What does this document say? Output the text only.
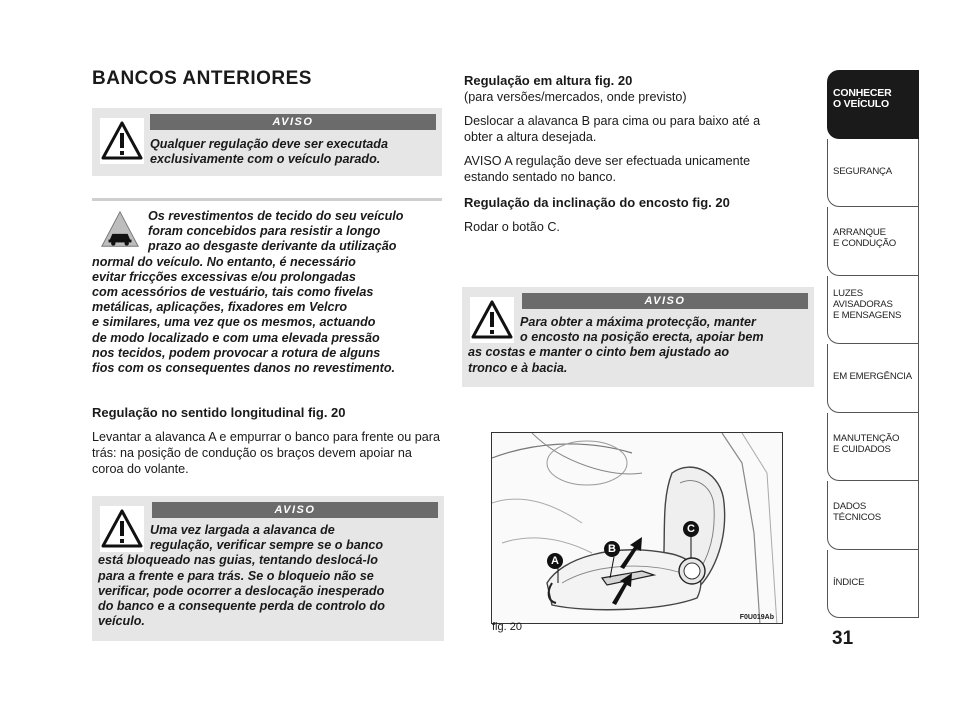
BANCOS ANTERIORES
AVISO
Qualquer regulação deve ser executada exclusivamente com o veículo parado.
Os revestimentos de tecido do seu veículo
foram concebidos para resistir a longo
prazo ao desgaste derivante da utilização
normal do veículo. No entanto, é necessário
evitar fricções excessivas e/ou prolongadas
com acessórios de vestuário, tais como fivelas
metálicas, aplicações, fixadores em Velcro
e similares, uma vez que os mesmos, actuando
de modo localizado e com uma elevada pressão
nos tecidos, podem provocar a rotura de alguns
fios com os consequentes danos no revestimento.
Regulação no sentido longitudinal fig. 20
Levantar a alavanca A e empurrar o banco para frente ou para trás: na posição de condução os braços devem apoiar na coroa do volante.
AVISO
Uma vez largada a alavanca de
regulação, verificar sempre se o banco
está bloqueado nas guias, tentando deslocá-lo
para a frente e para trás. Se o bloqueio não se
verificar, pode ocorrer a deslocação inesperado
do banco e a consequente perda de controlo do
veículo.
Regulação em altura fig. 20
(para versões/mercados, onde previsto)
Deslocar a alavanca B para cima ou para baixo até a obter a altura desejada.
AVISO A regulação deve ser efectuada unicamente estando sentado no banco.
Regulação da inclinação do encosto fig. 20
Rodar o botão C.
AVISO
Para obter a máxima protecção, manter
o encosto na posição erecta, apoiar bem
as costas e manter o cinto bem ajustado ao
tronco e à bacia.
A
B
C
F0U019Ab
fig. 20
CONHECER
O VEÍCULO
SEGURANÇA
ARRANQUE
E CONDUÇÃO
LUZES
AVISADORAS
E MENSAGENS
EM EMERGÊNCIA
MANUTENÇÃO
E CUIDADOS
DADOS
TÉCNICOS
ÍNDICE
31
